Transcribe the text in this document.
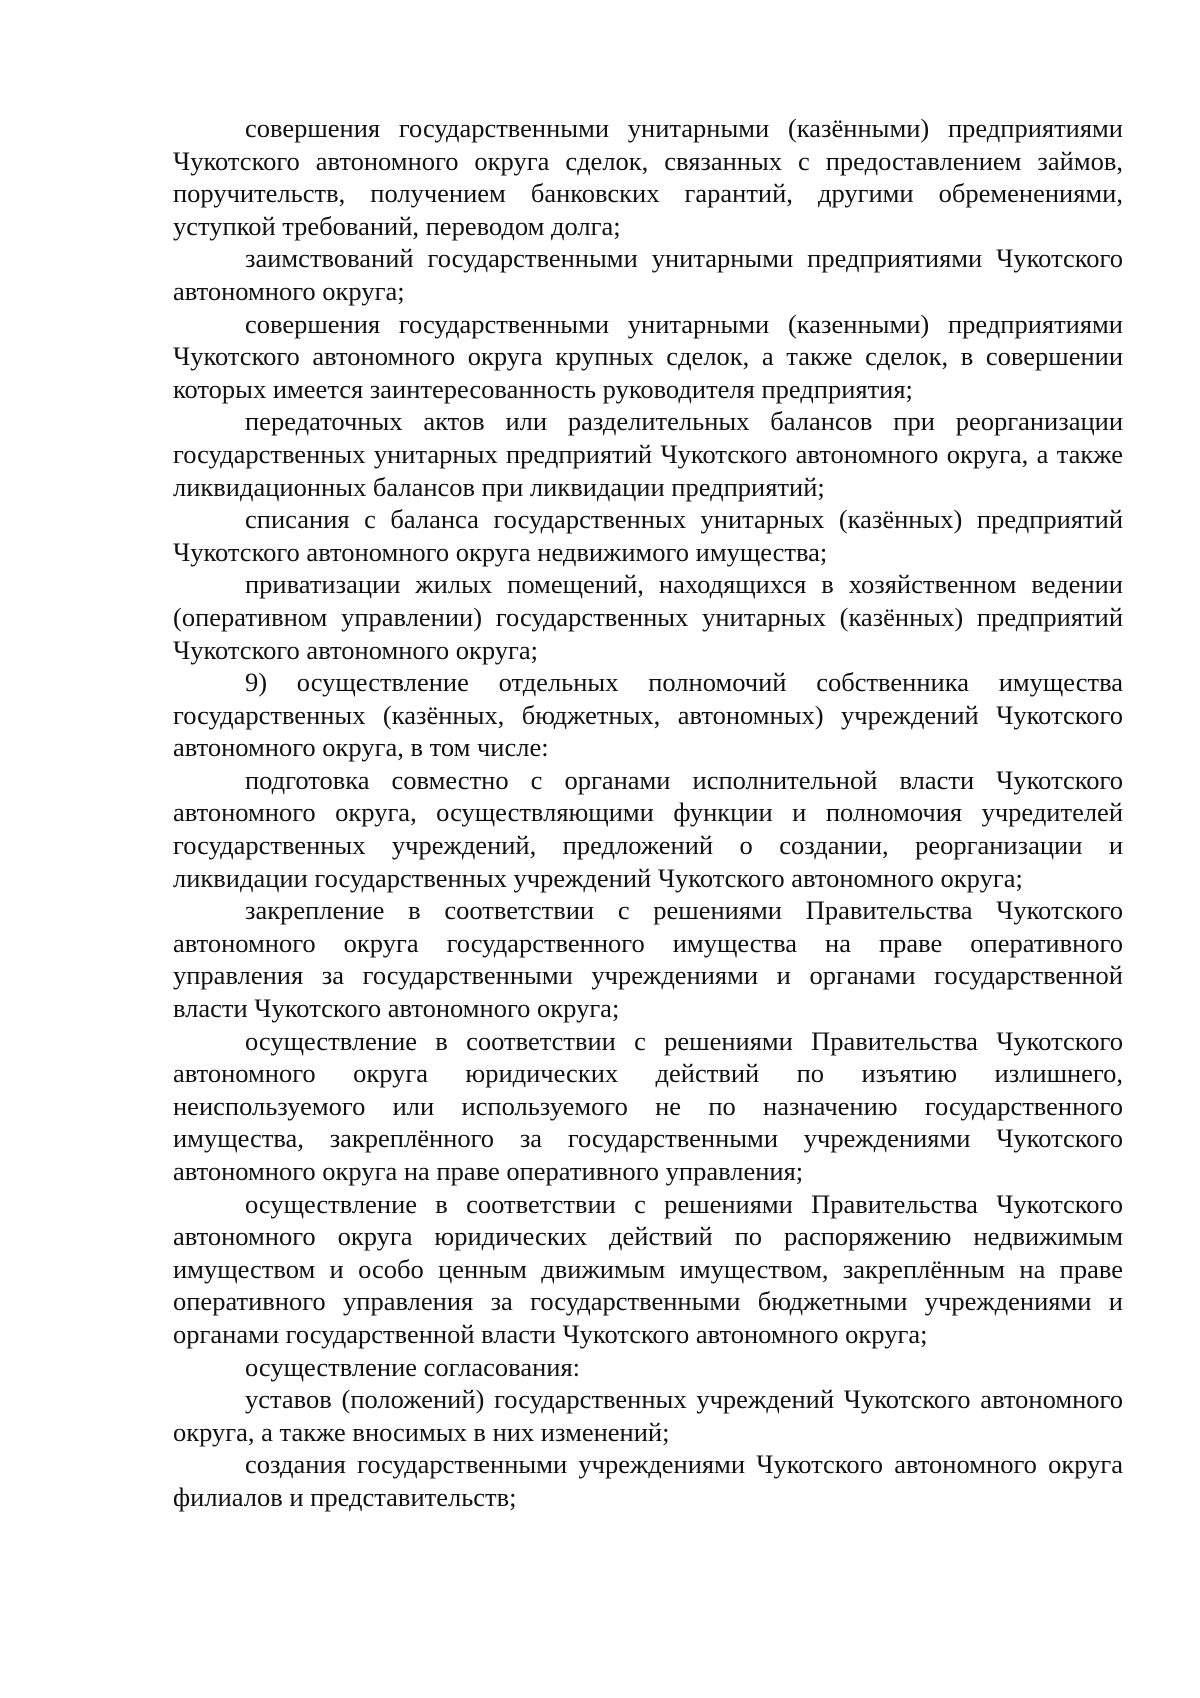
совершения государственными унитарными (казёнными) предприятиями Чукотского автономного округа сделок, связанных с предоставлением займов, поручительств, получением банковских гарантий, другими обременениями, уступкой требований, переводом долга;

заимствований государственными унитарными предприятиями Чукотского автономного округа;

совершения государственными унитарными (казенными) предприятиями Чукотского автономного округа крупных сделок, а также сделок, в совершении которых имеется заинтересованность руководителя предприятия;

передаточных актов или разделительных балансов при реорганизации государственных унитарных предприятий Чукотского автономного округа, а также ликвидационных балансов при ликвидации предприятий;

списания с баланса государственных унитарных (казённых) предприятий Чукотского автономного округа недвижимого имущества;

приватизации жилых помещений, находящихся в хозяйственном ведении (оперативном управлении) государственных унитарных (казённых) предприятий Чукотского автономного округа;

9) осуществление отдельных полномочий собственника имущества государственных (казённых, бюджетных, автономных) учреждений Чукотского автономного округа, в том числе:

подготовка совместно с органами исполнительной власти Чукотского автономного округа, осуществляющими функции и полномочия учредителей государственных учреждений, предложений о создании, реорганизации и ликвидации государственных учреждений Чукотского автономного округа;

закрепление в соответствии с решениями Правительства Чукотского автономного округа государственного имущества на праве оперативного управления за государственными учреждениями и органами государственной власти Чукотского автономного округа;

осуществление в соответствии с решениями Правительства Чукотского автономного округа юридических действий по изъятию излишнего, неиспользуемого или используемого не по назначению государственного имущества, закреплённого за государственными учреждениями Чукотского автономного округа на праве оперативного управления;

осуществление в соответствии с решениями Правительства Чукотского автономного округа юридических действий по распоряжению недвижимым имуществом и особо ценным движимым имуществом, закреплённым на праве оперативного управления за государственными бюджетными учреждениями и органами государственной власти Чукотского автономного округа;

осуществление согласования:

уставов (положений) государственных учреждений Чукотского автономного округа, а также вносимых в них изменений;

создания государственными учреждениями Чукотского автономного округа филиалов и представительств;
